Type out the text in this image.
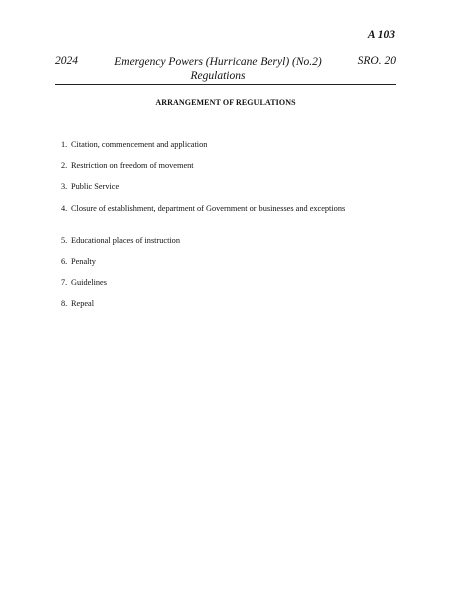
A 103
2024	Emergency Powers (Hurricane Beryl) (No.2)
Regulations
SRO. 20
ARRANGEMENT OF REGULATIONS
1. Citation, commencement and application
2. Restriction on freedom of movement
3. Public Service
4. Closure of establishment, department of Government or businesses and exceptions
5. Educational places of instruction
6. Penalty
7. Guidelines
8. Repeal
